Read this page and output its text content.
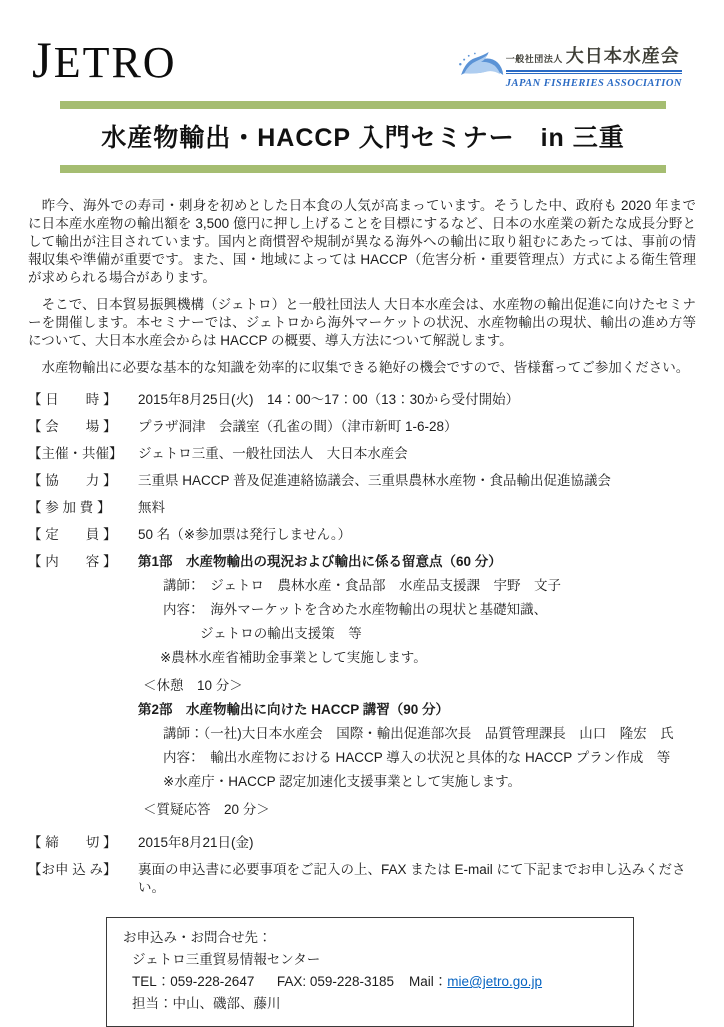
JETRO	一般社団法人 大日本水産会
JAPAN FISHERIES ASSOCIATION
水産物輸出・HACCP 入門セミナー　in 三重

　昨今、海外での寿司・刺身を初めとした日本食の人気が高まっています。そうした中、政府も 2020 年までに日本産水産物の輸出額を 3,500 億円に押し上げることを目標にするなど、日本の水産業の新たな成長分野として輸出が注目されています。国内と商慣習や規制が異なる海外への輸出に取り組むにあたっては、事前の情報収集や準備が重要です。また、国・地域によっては HACCP（危害分析・重要管理点）方式による衛生管理が求められる場合があります。

　そこで、日本貿易振興機構（ジェトロ）と一般社団法人 大日本水産会は、水産物の輸出促進に向けたセミナーを開催します。本セミナーでは、ジェトロから海外マーケットの状況、水産物輸出の現状、輸出の進め方等について、大日本水産会からは HACCP の概要、導入方法について解説します。

　水産物輸出に必要な基本的な知識を効率的に収集できる絶好の機会ですので、皆様奮ってご参加ください。

【 日　　時 】	2015年8月25日(火)　14：00～17：00（13：30から受付開始）
【 会　　場 】	プラザ洞津　会議室（孔雀の間）（津市新町 1-6-28）
【主催・共催】	ジェトロ三重、一般社団法人　大日本水産会
【 協　　力 】	三重県 HACCP 普及促進連絡協議会、三重県農林水産物・食品輸出促進協議会
【 参 加 費 】	無料
【 定　　員 】	50 名（※参加票は発行しません。）
【 内　　容 】	第1部　水産物輸出の現況および輸出に係る留意点（60 分）
講師：　ジェトロ　農林水産・食品部　水産品支援課　宇野　文子
内容：　海外マーケットを含めた水産物輸出の現状と基礎知識、
ジェトロの輸出支援策　等
※農林水産省補助金事業として実施します。
＜休憩　10 分＞
第2部　水産物輸出に向けた HACCP 講習（90 分）
講師：（一社)大日本水産会　国際・輸出促進部次長　品質管理課長　山口　隆宏　氏
内容：　輸出水産物における HACCP 導入の状況と具体的な HACCP プラン作成　等
※水産庁・HACCP 認定加速化支援事業として実施します。
＜質疑応答　20 分＞
【 締　　切 】	2015年8月21日(金)
【お申 込 み】	裏面の申込書に必要事項をご記入の上、FAX または E-mail にて下記までお申し込みください。
お申込み・お問合せ先：
ジェトロ三重貿易情報センター
TEL：059-228-2647 FAX: 059-228-3185 Mail：mie@jetro.go.jp
担当：中山、磯部、藤川
